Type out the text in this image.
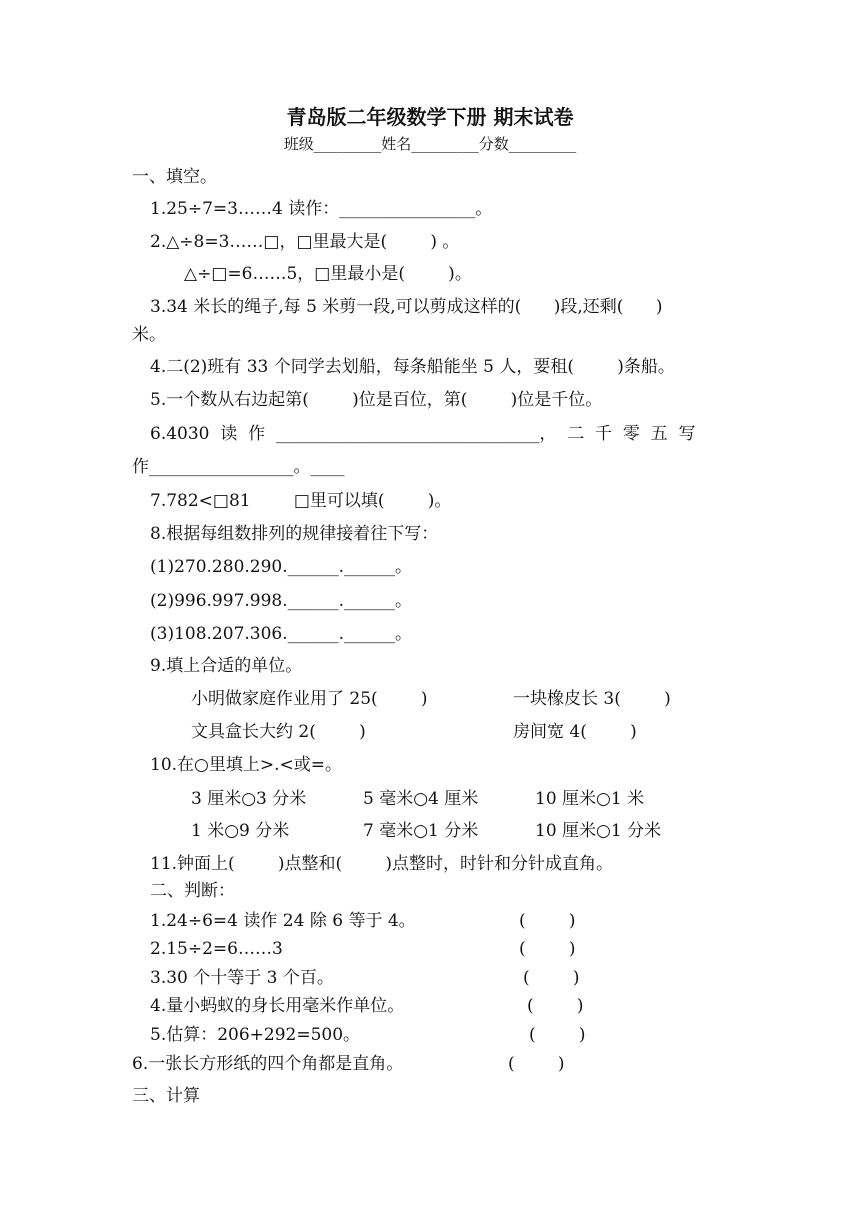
青岛版二年级数学下册 期末试卷
班级_________姓名_________分数_________
一、填空。
1.25÷7=3……4 读作：________________。
2.△÷8=3……□，□里最大是(        ) 。
△÷□=6……5，□里最小是(        )。
3.34 米长的绳子,每 5 米剪一段,可以剪成这样的(      )段,还剩(      )
米。
4.二(2)班有 33 个同学去划船，每条船能坐 5 人，要租(        )条船。
5.一个数从右边起第(        )位是百位，第(        )位是千位。
6.4030  读  作  _______________________________，  二  千  零  五  写
作_________________。____
7.782<□81        □里可以填(        )。
8.根据每组数排列的规律接着往下写：
(1)270.280.290.______.______。
(2)996.997.998.______.______。
(3)108.207.306.______.______。
9.填上合适的单位。
小明做家庭作业用了 25(        )	一块橡皮长 3(        )
文具盒长大约 2(        )	房间宽 4(        )
10.在○里填上>.<或=。
3 厘米○3 分米	5 毫米○4 厘米	10 厘米○1 米
1 米○9 分米	7 毫米○1 分米	10 厘米○1 分米
11.钟面上(        )点整和(        )点整时，时针和分针成直角。
二、判断：
1.24÷6=4 读作 24 除 6 等于 4。	(        )
2.15÷2=6……3	(        )
3.30 个十等于 3 个百。	(        )
4.量小蚂蚁的身长用毫米作单位。	(        )
5.估算：206+292=500。	(        )
6.一张长方形纸的四个角都是直角。	(        )
三、计算
